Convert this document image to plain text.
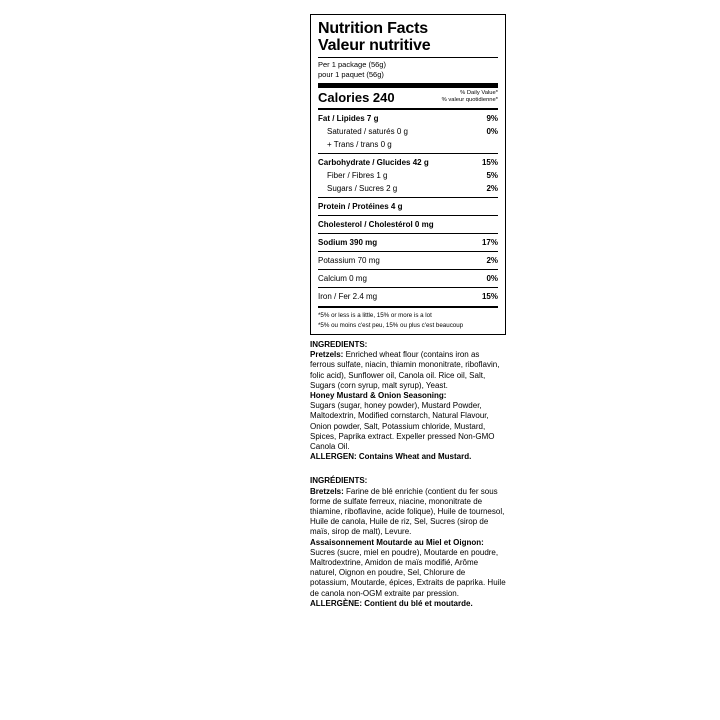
Nutrition Facts
Valeur nutritive
Per 1 package (56g)
pour 1 paquet (56g)
Calories 240	% Daily Value*
% valeur quotidienne*
Fat / Lipides 7 g	9%
Saturated / saturés 0 g	0%
+ Trans / trans 0 g
Carbohydrate / Glucides 42 g	15%
Fiber / Fibres 1 g	5%
Sugars / Sucres 2 g	2%
Protein / Protéines 4 g
Cholesterol / Cholestérol 0 mg
Sodium 390 mg	17%
Potassium 70 mg	2%
Calcium 0 mg	0%
Iron / Fer 2.4 mg	15%
*5% or less is a little, 15% or more is a lot
*5% ou moins c'est peu, 15% ou plus c'est beaucoup

INGREDIENTS:

Pretzels: Enriched wheat flour (contains iron as ferrous sulfate, niacin, thiamin mononitrate, riboflavin, folic acid), Sunflower oil, Canola oil. Rice oil, Salt, Sugars (corn syrup, malt syrup), Yeast.

Honey Mustard & Onion Seasoning:

Sugars (sugar, honey powder), Mustard Powder, Maltodextrin, Modified cornstarch, Natural Flavour, Onion powder, Salt, Potassium chloride, Mustard, Spices, Paprika extract. Expeller pressed Non-GMO Canola Oil.

ALLERGEN: Contains Wheat and Mustard.

INGRÉDIENTS:

Bretzels: Farine de blé enrichie (contient du fer sous forme de sulfate ferreux, niacine, mononitrate de thiamine, riboflavine, acide folique), Huile de tournesol, Huile de canola, Huile de riz, Sel, Sucres (sirop de maïs, sirop de malt), Levure.

Assaisonnement Moutarde au Miel et Oignon: Sucres (sucre, miel en poudre), Moutarde en poudre, Maltrodextrine, Amidon de maïs modifié, Arôme naturel, Oignon en poudre, Sel, Chlorure de potassium, Moutarde, épices, Extraits de paprika. Huile de canola non-OGM extraite par pression.

ALLERGÈNE: Contient du blé et moutarde.
